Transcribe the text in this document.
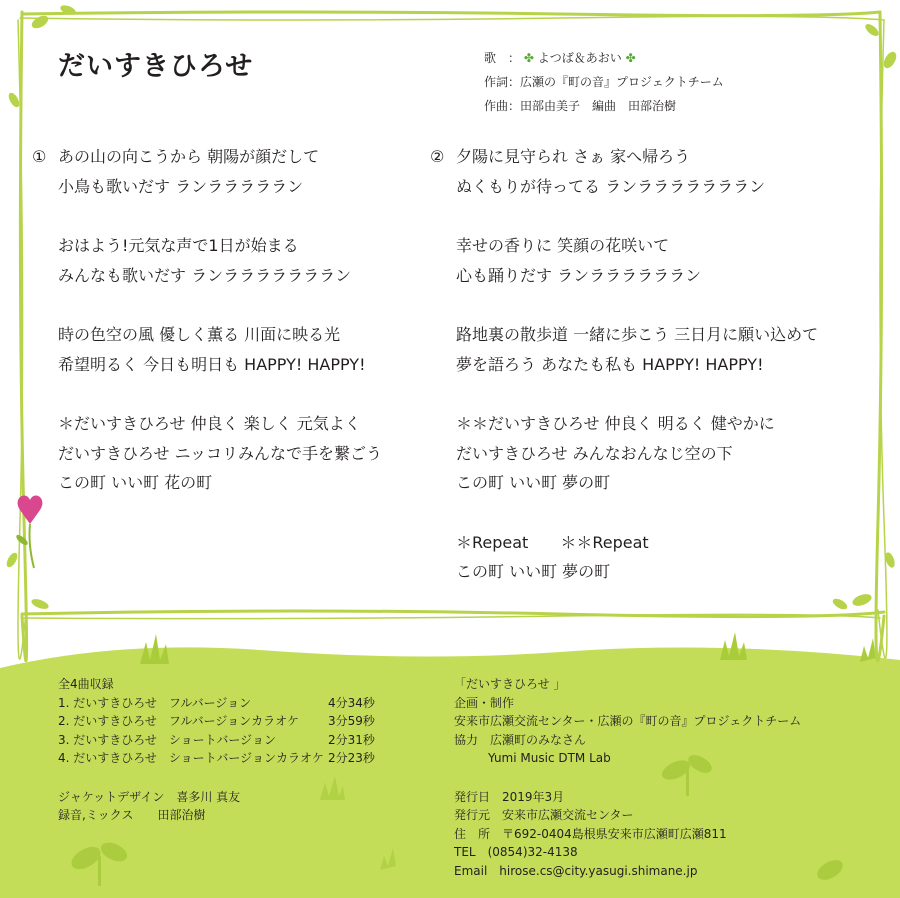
だいすきひろせ	歌　： ✤ よつば＆あおい ✤
作詞：広瀬の『町の音』プロジェクトチーム
作曲：田部由美子　編曲　田部治樹
① あの山の向こうから 朝陽が顔だして
小鳥も歌いだす ランラララララン
おはよう!元気な声で1日が始まる
みんなも歌いだす ランラララララララン
時の色空の風 優しく薫る 川面に映る光
希望明るく 今日も明日も HAPPY! HAPPY!
＊だいすきひろせ 仲良く 楽しく 元気よく
だいすきひろせ ニッコリみんなで手を繋ごう
この町 いい町 花の町
② 夕陽に見守られ さぁ 家へ帰ろう
ぬくもりが待ってる ランラララララララン
幸せの香りに 笑顔の花咲いて
心も踊りだす ランララララララン
路地裏の散歩道 一緒に歩こう 三日月に願い込めて
夢を語ろう あなたも私も HAPPY! HAPPY!
＊＊だいすきひろせ 仲良く 明るく 健やかに
だいすきひろせ みんなおんなじ空の下
この町 いい町 夢の町
＊Repeat　　＊＊Repeat
この町 いい町 夢の町
全4曲収録
1. だいすきひろせ　フルバージョン	4分34秒
2. だいすきひろせ　フルバージョンカラオケ	3分59秒
3. だいすきひろせ　ショートバージョン	2分31秒
4. だいすきひろせ　ショートバージョンカラオケ 2分23秒
ジャケットデザイン　喜多川 真友
録音,ミックス　　田部治樹
「だいすきひろせ 」
企画・制作
安来市広瀬交流センター・広瀬の『町の音』プロジェクトチーム
協力　広瀬町のみなさん
Yumi Music DTM Lab
発行日　2019年3月
発行元　安来市広瀬交流センター
住　所　〒692-0404島根県安来市広瀬町広瀬811
TEL　(0854)32-4138
Email　hirose.cs@city.yasugi.shimane.jp
